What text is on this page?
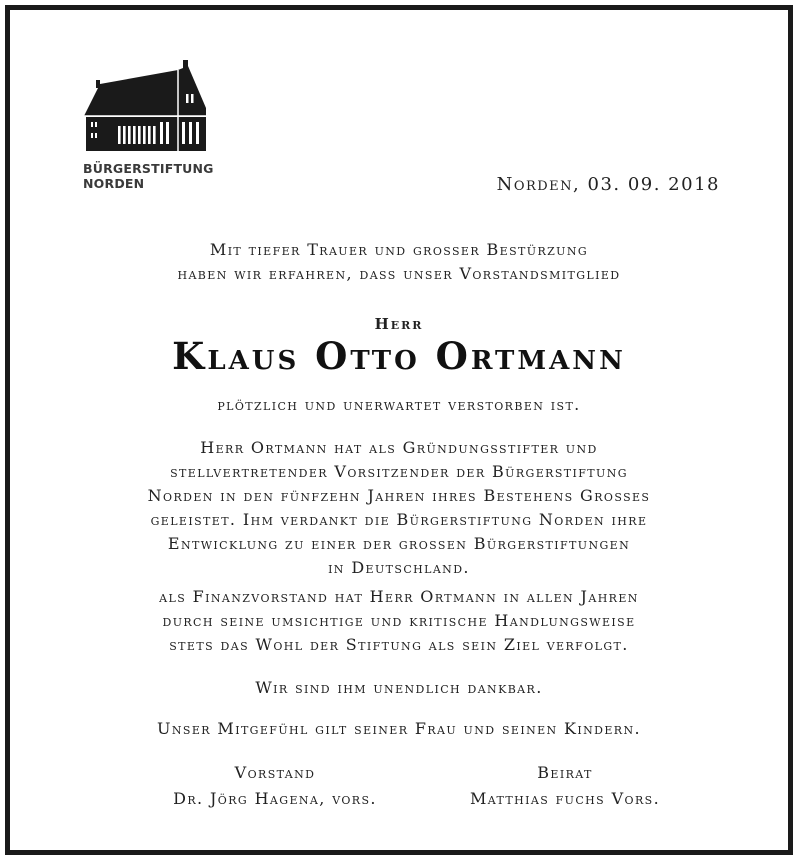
BÜRGERSTIFTUNG
NORDEN	Norden, 03. 09. 2018
Mit tiefer Trauer und grosser Bestürzung
haben wir erfahren, dass unser Vorstandsmitglied
Herr
Klaus Otto Ortmann
plötzlich und unerwartet verstorben ist.
Herr Ortmann hat als Gründungsstifter und
stellvertretender Vorsitzender der Bürgerstiftung
Norden in den fünfzehn Jahren ihres Bestehens Grosses
geleistet. Ihm verdankt die Bürgerstiftung Norden ihre
Entwicklung zu einer der grossen Bürgerstiftungen
in Deutschland.
als Finanzvorstand hat Herr Ortmann in allen Jahren
durch seine umsichtige und kritische Handlungsweise
stets das Wohl der Stiftung als sein Ziel verfolgt.
Wir sind ihm unendlich dankbar.
Unser Mitgefühl gilt seiner Frau und seinen Kindern.
Vorstand
Dr. Jörg Hagena, vors.
Beirat
Matthias fuchs Vors.
